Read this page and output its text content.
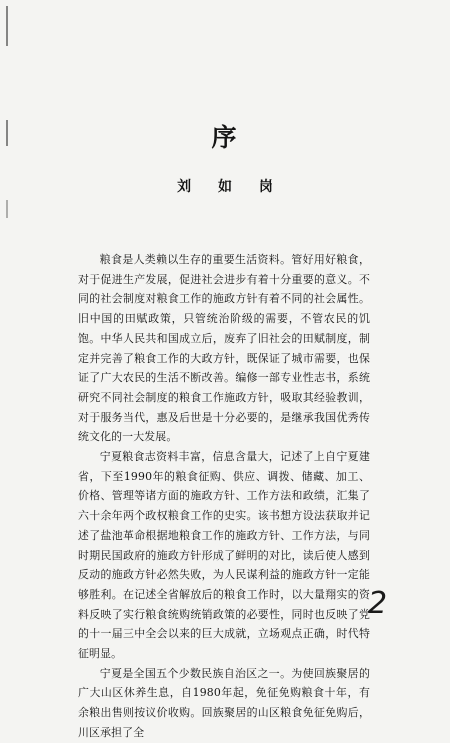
序
刘 如 岗

粮食是人类赖以生存的重要生活资料。管好用好粮食，对于促进生产发展，促进社会进步有着十分重要的意义。不同的社会制度对粮食工作的施政方针有着不同的社会属性。旧中国的田赋政策，只管统治阶级的需要，不管农民的饥饱。中华人民共和国成立后，废弃了旧社会的田赋制度，制定并完善了粮食工作的大政方针，既保证了城市需要，也保证了广大农民的生活不断改善。编修一部专业性志书，系统研究不同社会制度的粮食工作施政方针，吸取其经验教训，对于服务当代，惠及后世是十分必要的，是继承我国优秀传统文化的一大发展。

宁夏粮食志资料丰富，信息含量大，记述了上自宁夏建省，下至1990年的粮食征购、供应、调拨、储藏、加工、价格、管理等诸方面的施政方针、工作方法和政绩，汇集了六十余年两个政权粮食工作的史实。该书想方设法获取并记述了盐池革命根据地粮食工作的施政方针、工作方法，与同时期民国政府的施政方针形成了鲜明的对比，读后使人感到反动的施政方针必然失败，为人民谋利益的施政方针一定能够胜利。在记述全省解放后的粮食工作时，以大量翔实的资料反映了实行粮食统购统销政策的必要性，同时也反映了党的十一届三中全会以来的巨大成就，立场观点正确，时代特征明显。

宁夏是全国五个少数民族自治区之一。为使回族聚居的广大山区休养生息，自1980年起，免征免购粮食十年，有余粮出售则按议价收购。回族聚居的山区粮食免征免购后，川区承担了全

2
